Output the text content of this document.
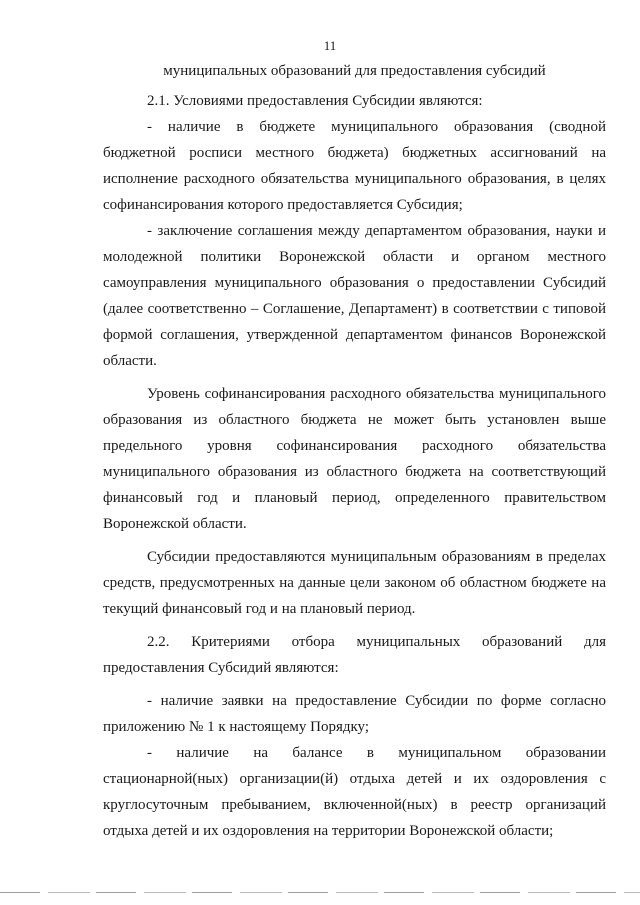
11

муниципальных образований для предоставления субсидий

2.1. Условиями предоставления Субсидии являются:

- наличие в бюджете муниципального образования (сводной бюджетной росписи местного бюджета) бюджетных ассигнований на исполнение расходного обязательства муниципального образования, в целях софинансирования которого предоставляется Субсидия;

- заключение соглашения между департаментом образования, науки и молодежной политики Воронежской области и органом местного самоуправления муниципального образования о предоставлении Субсидий (далее соответственно – Соглашение, Департамент) в соответствии с типовой формой соглашения, утвержденной департаментом финансов Воронежской области.

Уровень софинансирования расходного обязательства муниципального образования из областного бюджета не может быть установлен выше предельного уровня софинансирования расходного обязательства муниципального образования из областного бюджета на соответствующий финансовый год и плановый период, определенного правительством Воронежской области.

Субсидии предоставляются муниципальным образованиям в пределах средств, предусмотренных на данные цели законом об областном бюджете на текущий финансовый год и на плановый период.

2.2. Критериями отбора муниципальных образований для предоставления Субсидий являются:

- наличие заявки на предоставление Субсидии по форме согласно приложению № 1 к настоящему Порядку;

- наличие на балансе в муниципальном образовании стационарной(ных) организации(й) отдыха детей и их оздоровления с круглосуточным пребыванием, включенной(ных) в реестр организаций отдыха детей и их оздоровления на территории Воронежской области;
